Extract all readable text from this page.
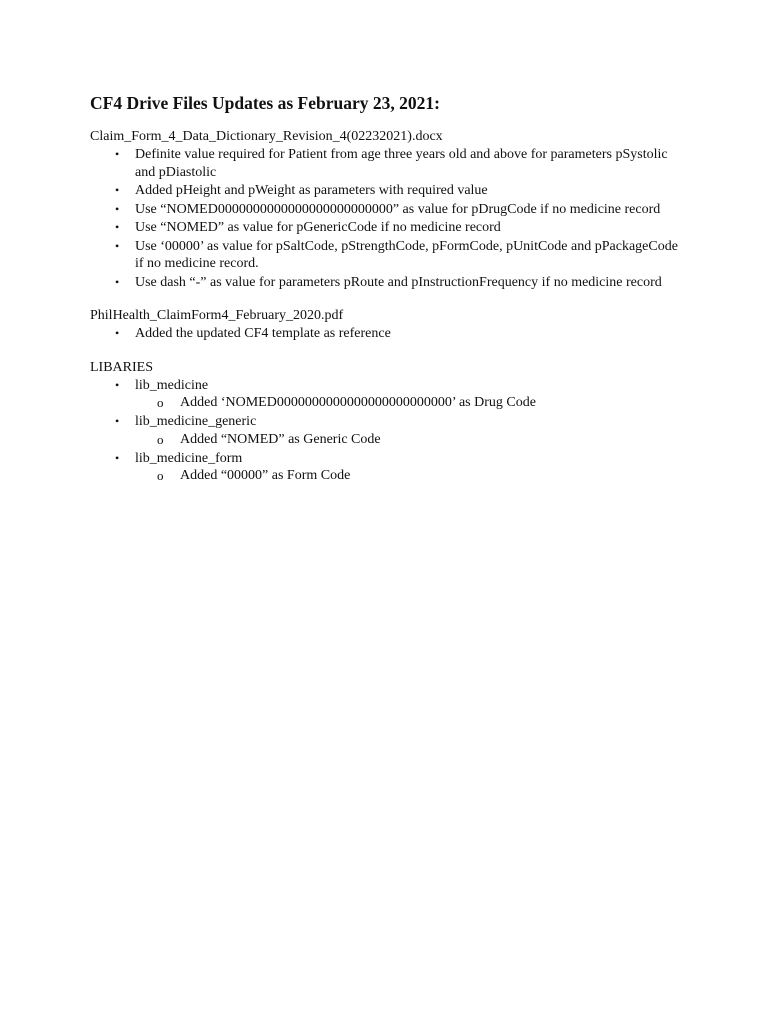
CF4 Drive Files Updates as February 23, 2021:
Claim_Form_4_Data_Dictionary_Revision_4(02232021).docx
• Definite value required for Patient from age three years old and above for parameters pSystolic and pDiastolic
• Added pHeight and pWeight as parameters with required value
• Use “NOMED0000000000000000000000000” as value for pDrugCode if no medicine record
• Use “NOMED” as value for pGenericCode if no medicine record
• Use ‘00000’ as value for pSaltCode, pStrengthCode, pFormCode, pUnitCode and pPackageCode if no medicine record.
• Use dash “-” as value for parameters pRoute and pInstructionFrequency if no medicine record
PhilHealth_ClaimForm4_February_2020.pdf
• Added the updated CF4 template as reference
LIBARIES
• lib_medicine
o Added ‘NOMED0000000000000000000000000’ as Drug Code
• lib_medicine_generic
o Added “NOMED” as Generic Code
• lib_medicine_form
o Added “00000” as Form Code
